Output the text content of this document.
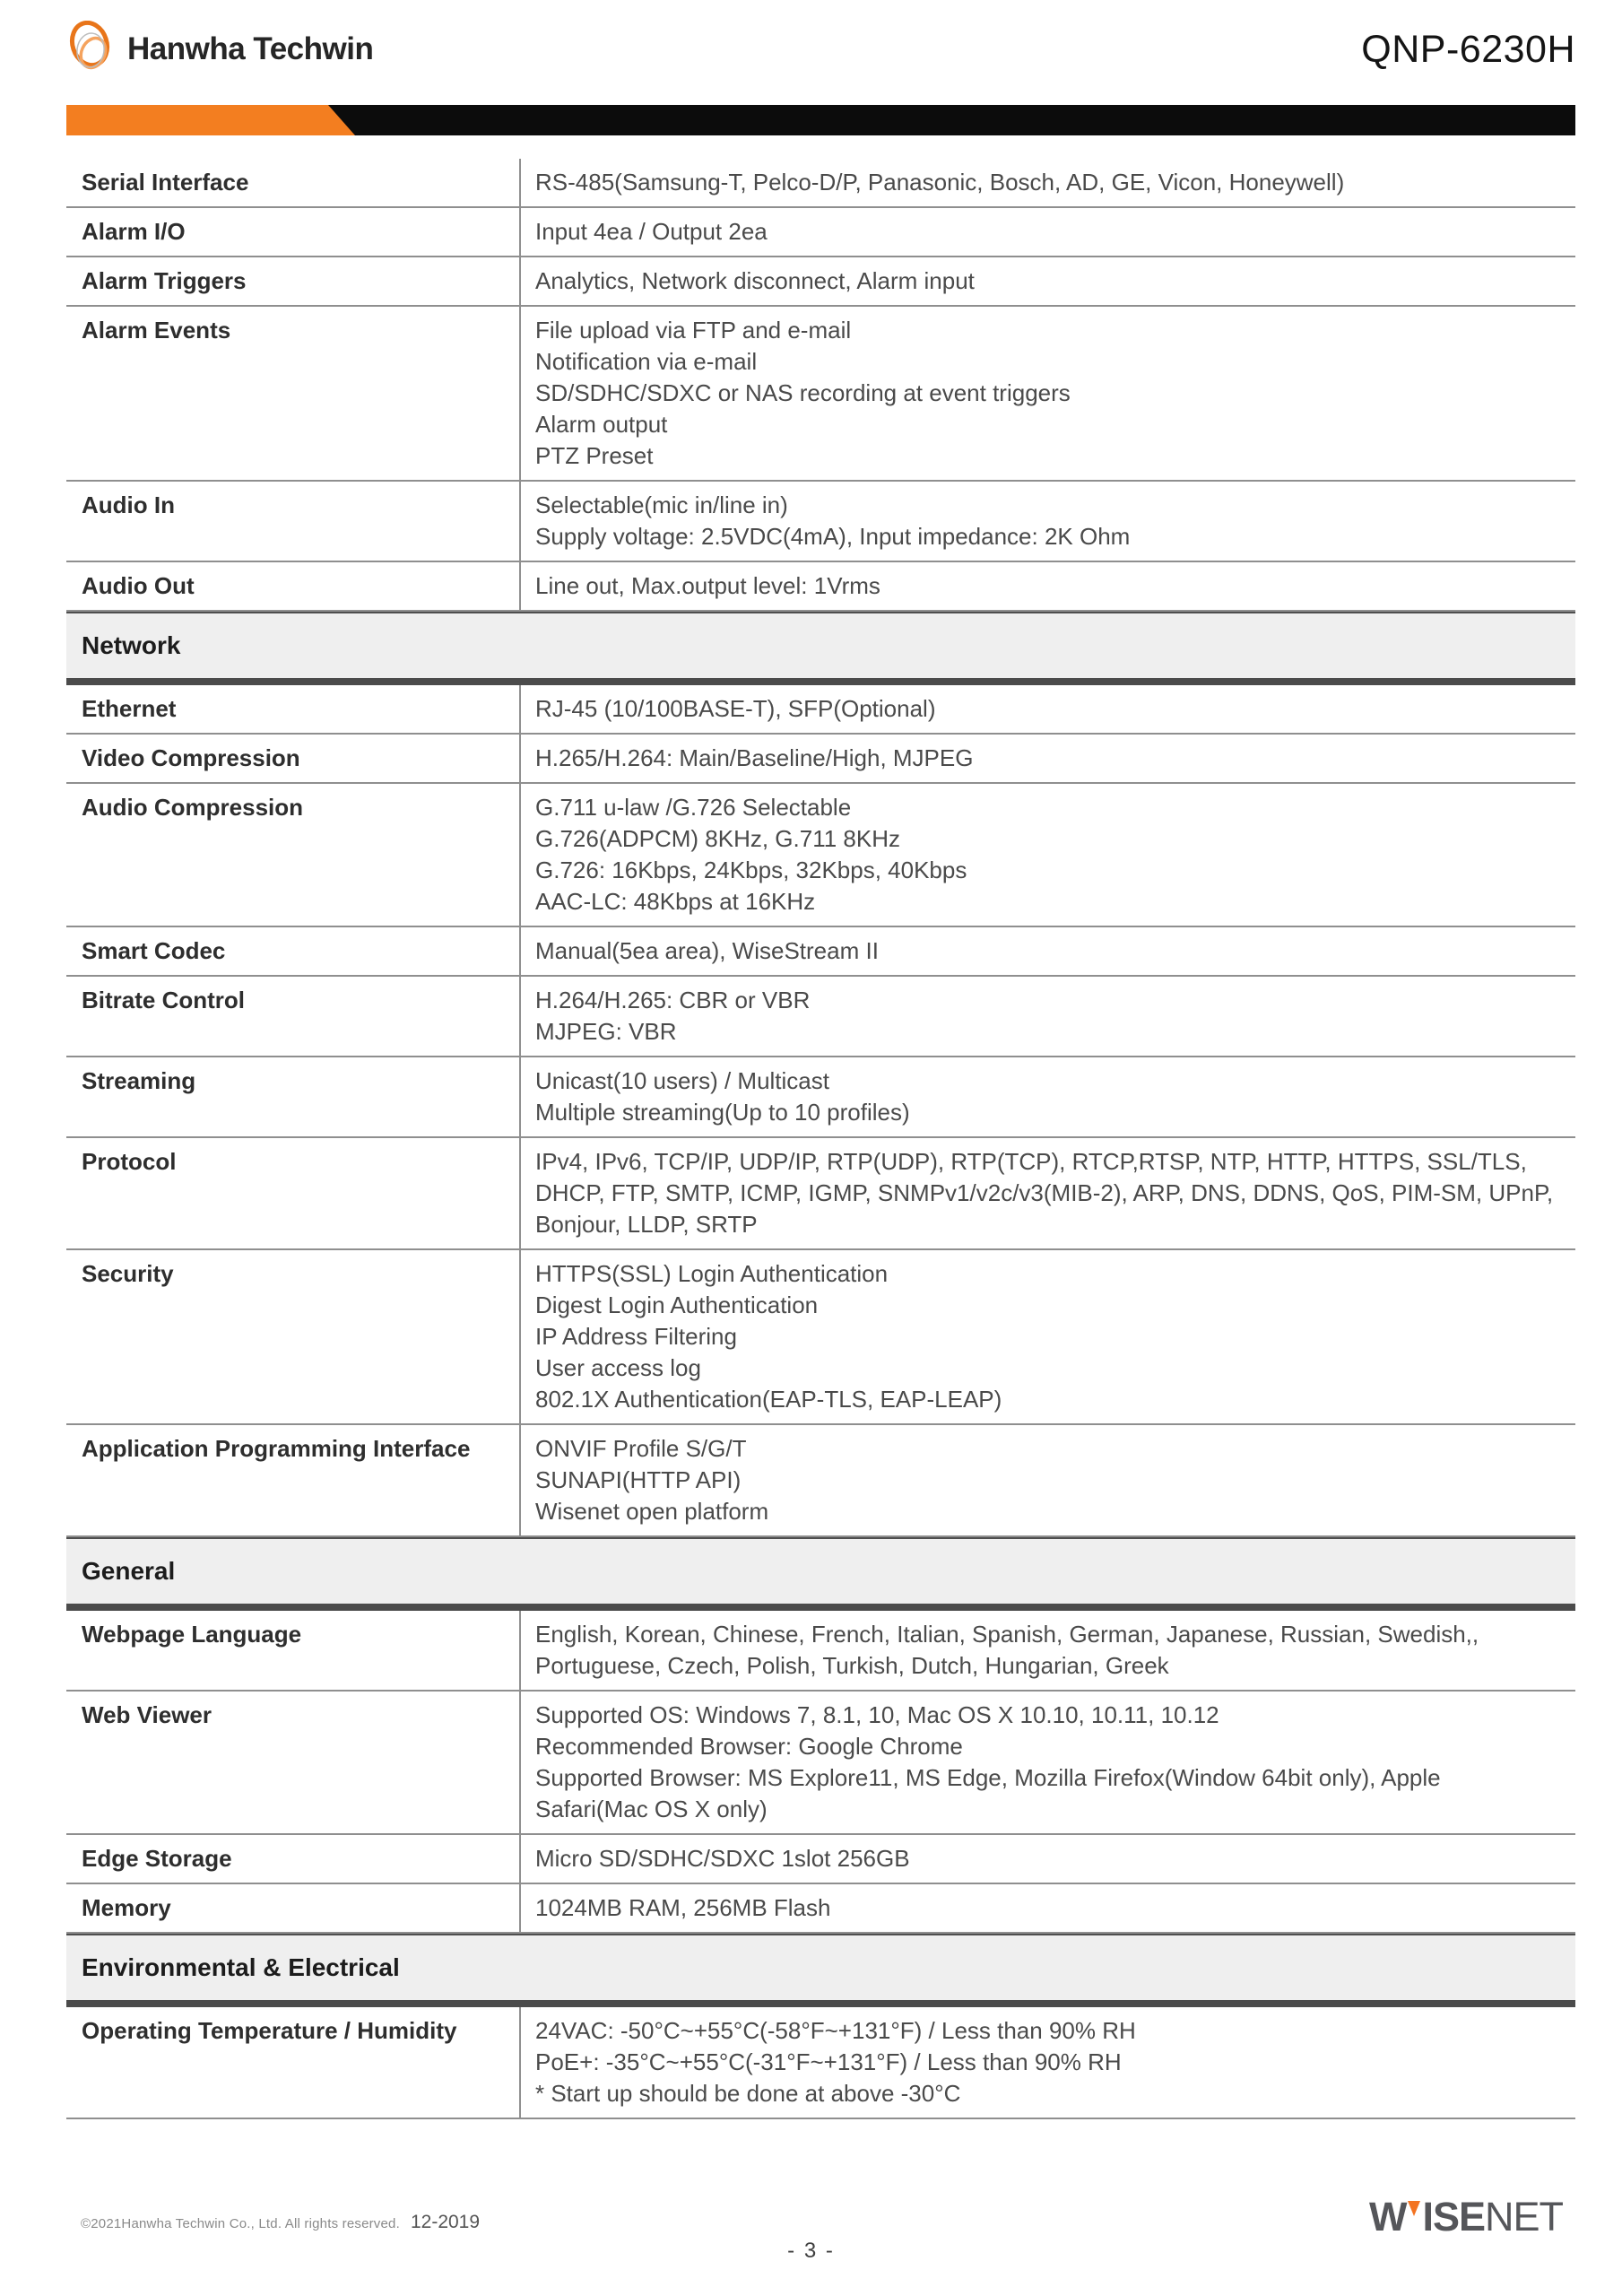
Hanwha Techwin	QNP-6230H
Serial Interface	RS-485(Samsung-T, Pelco-D/P, Panasonic, Bosch, AD, GE, Vicon, Honeywell)
Alarm I/O	Input 4ea / Output 2ea
Alarm Triggers	Analytics, Network disconnect, Alarm input
Alarm Events	File upload via FTP and e-mail
Notification via e-mail
SD/SDHC/SDXC or NAS recording at event triggers
Alarm output
PTZ Preset
Audio In	Selectable(mic in/line in)
Supply voltage: 2.5VDC(4mA), Input impedance: 2K Ohm
Audio Out	Line out, Max.output level: 1Vrms
Network
Ethernet	RJ-45 (10/100BASE-T), SFP(Optional)
Video Compression	H.265/H.264: Main/Baseline/High, MJPEG
Audio Compression	G.711 u-law /G.726 Selectable
G.726(ADPCM) 8KHz, G.711 8KHz
G.726: 16Kbps, 24Kbps, 32Kbps, 40Kbps
AAC-LC: 48Kbps at 16KHz
Smart Codec	Manual(5ea area), WiseStream II
Bitrate Control	H.264/H.265: CBR or VBR
MJPEG: VBR
Streaming	Unicast(10 users) / Multicast
Multiple streaming(Up to 10 profiles)
Protocol	IPv4, IPv6, TCP/IP, UDP/IP, RTP(UDP), RTP(TCP), RTCP,RTSP, NTP, HTTP, HTTPS, SSL/TLS, DHCP, FTP, SMTP, ICMP, IGMP, SNMPv1/v2c/v3(MIB-2), ARP, DNS, DDNS, QoS, PIM-SM, UPnP, Bonjour, LLDP, SRTP
Security	HTTPS(SSL) Login Authentication
Digest Login Authentication
IP Address Filtering
User access log
802.1X Authentication(EAP-TLS, EAP-LEAP)
Application Programming Interface	ONVIF Profile S/G/T
SUNAPI(HTTP API)
Wisenet open platform
General
Webpage Language	English, Korean, Chinese, French, Italian, Spanish, German, Japanese, Russian, Swedish,, Portuguese, Czech, Polish, Turkish, Dutch, Hungarian, Greek
Web Viewer	Supported OS: Windows 7, 8.1, 10, Mac OS X 10.10, 10.11, 10.12
Recommended Browser: Google Chrome
Supported Browser: MS Explore11, MS Edge, Mozilla Firefox(Window 64bit only), Apple Safari(Mac OS X only)
Edge Storage	Micro SD/SDHC/SDXC 1slot 256GB
Memory	1024MB RAM, 256MB Flash
Environmental & Electrical
Operating Temperature / Humidity	24VAC: -50°C~+55°C(-58°F~+131°F) / Less than 90% RH
PoE+: -35°C~+55°C(-31°F~+131°F) / Less than 90% RH
* Start up should be done at above -30°C
©2021Hanwha Techwin Co., Ltd. All rights reserved. 12-2019
- 3 -
W ISENET
